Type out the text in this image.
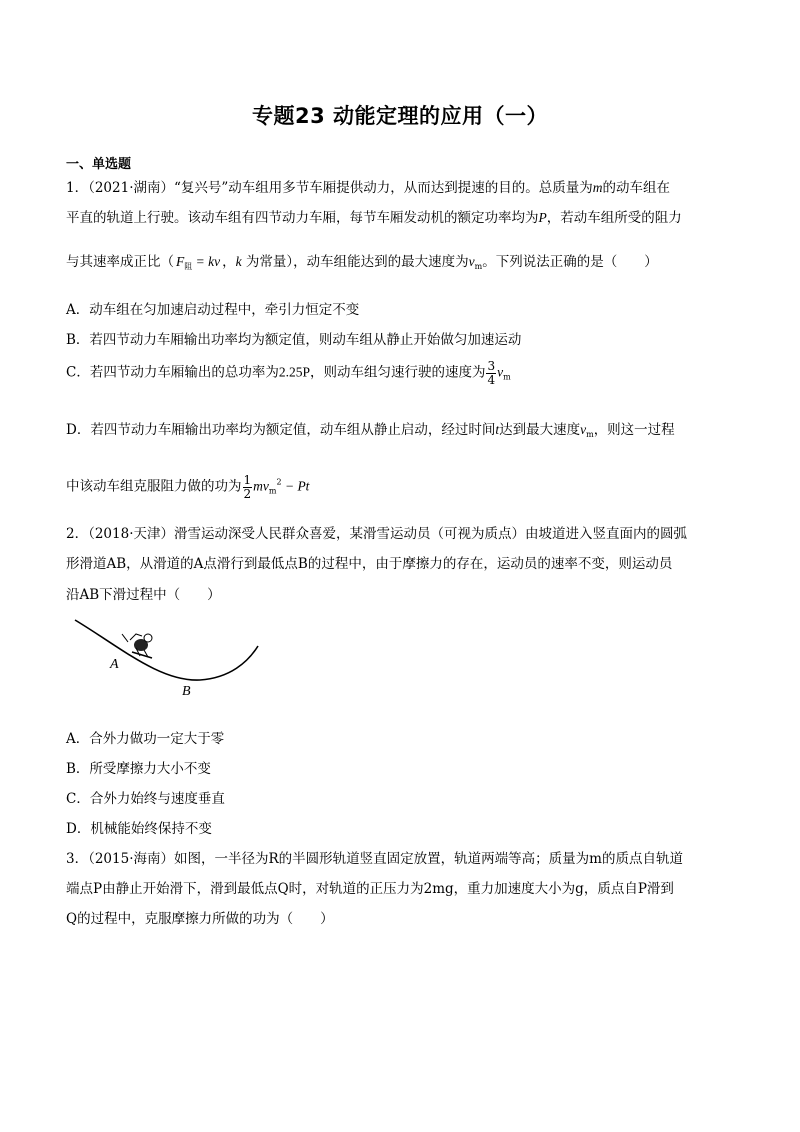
专题23 动能定理的应用（一）
一、单选题
1．（2021·湖南）“复兴号”动车组用多节车厢提供动力，从而达到提速的目的。总质量为m的动车组在
平直的轨道上行驶。该动车组有四节动力车厢，每节车厢发动机的额定功率均为P，若动车组所受的阻力
与其速率成正比（ $F_阻$ = kv ，k 为常量），动车组能达到的最大速度为$v_m$。下列说法正确的是（　　）
A．动车组在匀加速启动过程中，牵引力恒定不变
B．若四节动力车厢输出功率均为额定值，则动车组从静止开始做匀加速运动
C．若四节动力车厢输出的总功率为2.25P，则动车组匀速行驶的速度为 $\frac{3}{4} v_m$
D．若四节动力车厢输出功率均为额定值，动车组从静止启动，经过时间t达到最大速度$v_m$，则这一过程
中该动车组克服阻力做的功为 $\frac{1}{2} mv_m^2 - Pt$
2．（2018·天津）滑雪运动深受人民群众喜爱，某滑雪运动员（可视为质点）由坡道进入竖直面内的圆弧
形滑道AB，从滑道的A点滑行到最低点B的过程中，由于摩擦力的存在，运动员的速率不变，则运动员
沿AB下滑过程中（　　）
A
B
A．合外力做功一定大于零
B．所受摩擦力大小不变
C．合外力始终与速度垂直
D．机械能始终保持不变
3．（2015·海南）如图，一半径为R的半圆形轨道竖直固定放置，轨道两端等高；质量为m的质点自轨道
端点P由静止开始滑下，滑到最低点Q时，对轨道的正压力为2mg，重力加速度大小为g，质点自P滑到
Q的过程中，克服摩擦力所做的功为（　　）
